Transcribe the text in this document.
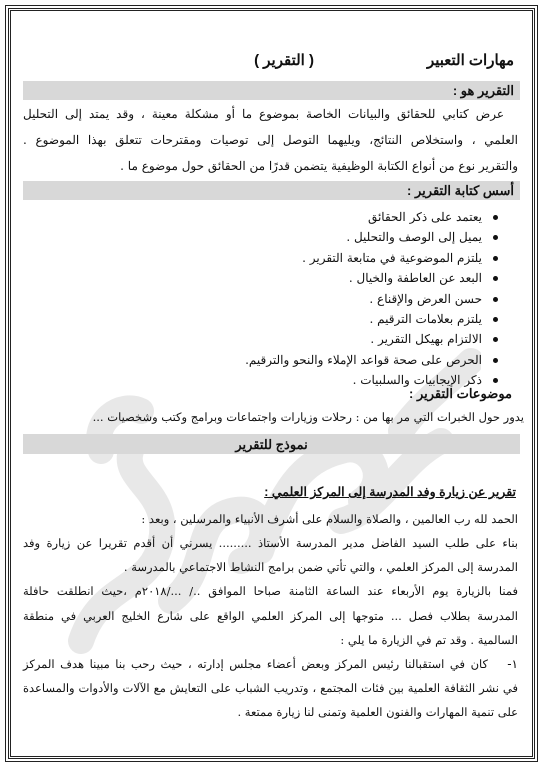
مهارات التعبير
( التقرير )
التقرير هو :
عرض كتابي للحقائق والبيانات الخاصة بموضوع ما أو مشكلة معينة ، وقد يمتد إلى التحليل
العلمي ، واستخلاص النتائج، ويليهما التوصل إلى توصيات ومقترحات تتعلق بهذا الموضوع .
والتقرير نوع من أنواع الكتابة الوظيفية يتضمن قدرًا من الحقائق حول موضوع ما .
أسس كتابة التقرير :
يعتمد على ذكر الحقائق
يميل إلى الوصف والتحليل .
يلتزم الموضوعية في متابعة التقرير .
البعد عن العاطفة والخيال .
حسن العرض والإقناع .
يلتزم بعلامات الترقيم .
الالتزام بهيكل التقرير .
الحرص على صحة قواعد الإملاء والنحو والترقيم.
ذكر الإيجابيات والسلبيات .
موضوعات التقرير :
يدور حول الخبرات التي مر بها من : رحلات وزيارات واجتماعات وبرامج وكتب وشخصيات ...
نموذج للتقرير
تقرير عن زيارة وفد المدرسة إلى المركز العلمي :
الحمد لله رب العالمين ، والصلاة والسلام على أشرف الأنبياء والمرسلين ، وبعد :
بناء على طلب السيد الفاضل مدير المدرسة الأستاذ ......... يسرني أن أقدم تقريرا عن زيارة وفد
المدرسة إلى المركز العلمي ، والتي تأتي ضمن برامج النشاط الاجتماعي بالمدرسة .
فمنا بالزيارة يوم الأربعاء عند الساعة الثامنة صباحا الموافق ../ .../٢٠١٨م ،حيث انطلقت حافلة
المدرسة بطلاب فصل ... متوجها إلى المركز العلمي الواقع على شارع الخليج العربي في منطقة
السالمية . وقد تم في الزيارة ما يلي :
١-
كان في استقبالنا رئيس المركز وبعض أعضاء مجلس إدارته ، حيث رحب بنا مبينا هدف المركز
في نشر الثقافة العلمية بين فئات المجتمع ، وتدريب الشباب على التعايش مع الآلات والأدوات والمساعدة
على تنمية المهارات والفنون العلمية وتمنى لنا زيارة ممتعة .
